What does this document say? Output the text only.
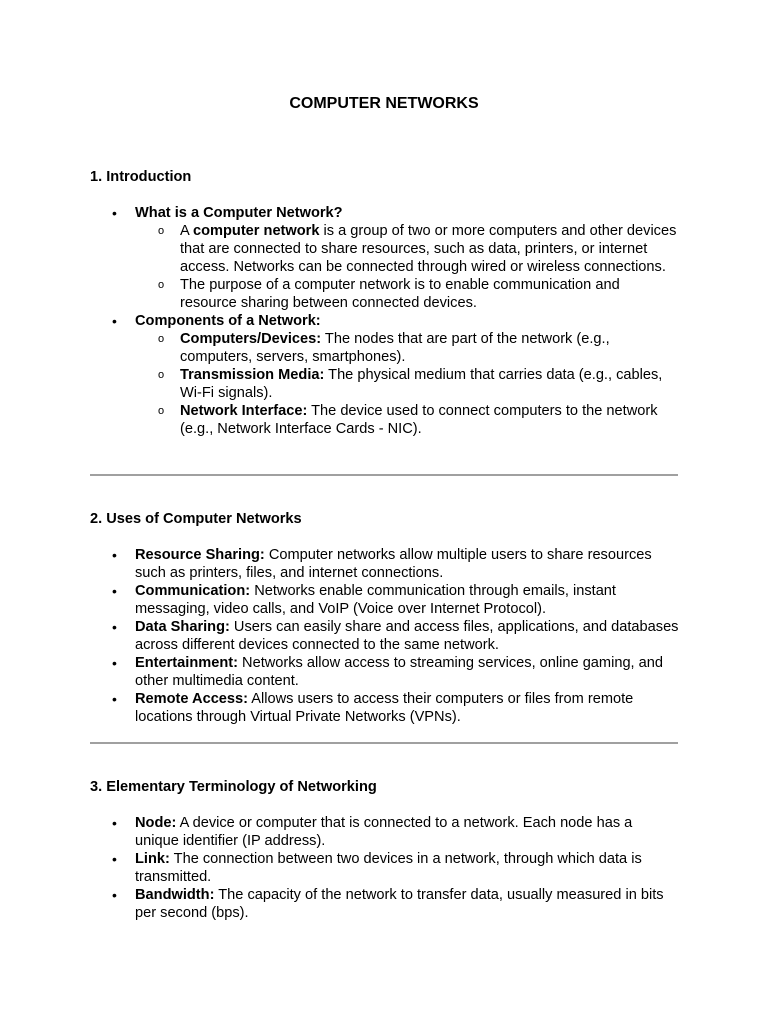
COMPUTER NETWORKS
1. Introduction
• What is a Computer Network?
o A computer network is a group of two or more computers and other devices that are connected to share resources, such as data, printers, or internet access. Networks can be connected through wired or wireless connections.
o The purpose of a computer network is to enable communication and resource sharing between connected devices.
• Components of a Network:
o Computers/Devices: The nodes that are part of the network (e.g., computers, servers, smartphones).
o Transmission Media: The physical medium that carries data (e.g., cables, Wi-Fi signals).
o Network Interface: The device used to connect computers to the network (e.g., Network Interface Cards - NIC).
2. Uses of Computer Networks
• Resource Sharing: Computer networks allow multiple users to share resources such as printers, files, and internet connections.
• Communication: Networks enable communication through emails, instant messaging, video calls, and VoIP (Voice over Internet Protocol).
• Data Sharing: Users can easily share and access files, applications, and databases across different devices connected to the same network.
• Entertainment: Networks allow access to streaming services, online gaming, and other multimedia content.
• Remote Access: Allows users to access their computers or files from remote locations through Virtual Private Networks (VPNs).
3. Elementary Terminology of Networking
• Node: A device or computer that is connected to a network. Each node has a unique identifier (IP address).
• Link: The connection between two devices in a network, through which data is transmitted.
• Bandwidth: The capacity of the network to transfer data, usually measured in bits per second (bps).
